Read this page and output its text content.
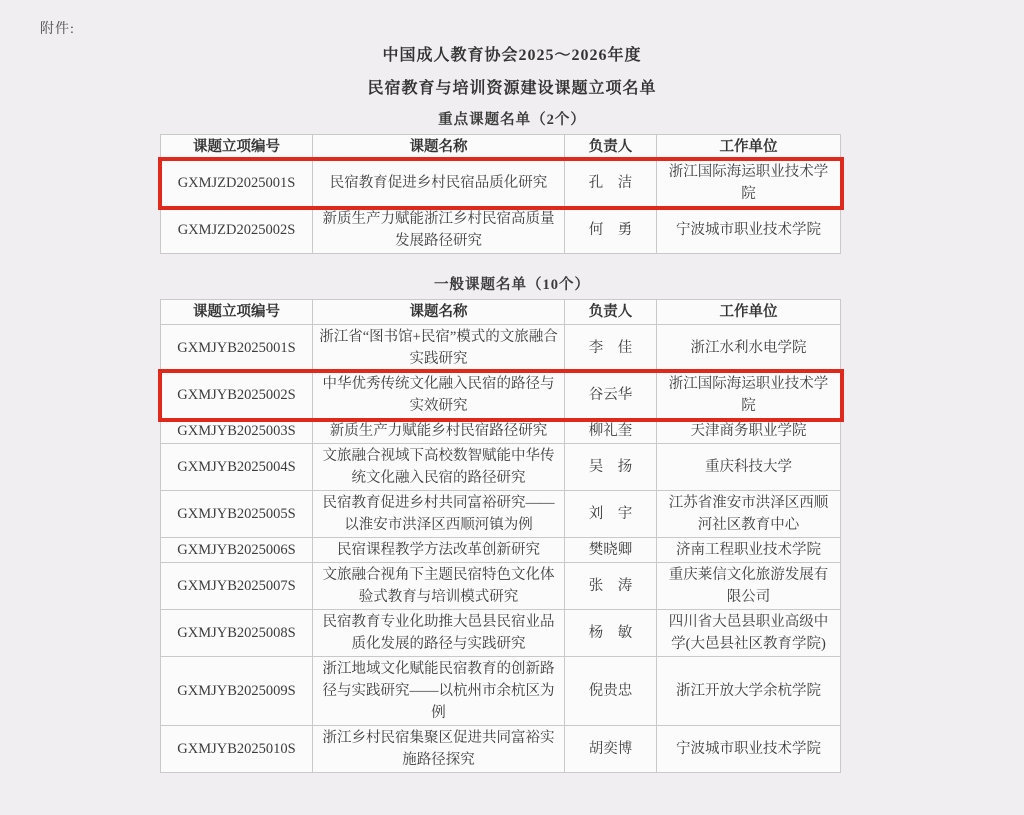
附件:
中国成人教育协会2025～2026年度
民宿教育与培训资源建设课题立项名单
重点课题名单（2个）
课题立项编号	课题名称	负责人	工作单位
GXMJZD2025001S	民宿教育促进乡村民宿品质化研究	孔　洁	浙江国际海运职业技术学院
GXMJZD2025002S	新质生产力赋能浙江乡村民宿高质量发展路径研究	何　勇	宁波城市职业技术学院
一般课题名单（10个）
课题立项编号	课题名称	负责人	工作单位
GXMJYB2025001S	浙江省“图书馆+民宿”模式的文旅融合实践研究	李　佳	浙江水利水电学院
GXMJYB2025002S	中华优秀传统文化融入民宿的路径与实效研究	谷云华	浙江国际海运职业技术学院
GXMJYB2025003S	新质生产力赋能乡村民宿路径研究	柳礼奎	天津商务职业学院
GXMJYB2025004S	文旅融合视域下高校数智赋能中华传统文化融入民宿的路径研究	吴　扬	重庆科技大学
GXMJYB2025005S	民宿教育促进乡村共同富裕研究——以淮安市洪泽区西顺河镇为例	刘　宇	江苏省淮安市洪泽区西顺河社区教育中心
GXMJYB2025006S	民宿课程教学方法改革创新研究	樊晓卿	济南工程职业技术学院
GXMJYB2025007S	文旅融合视角下主题民宿特色文化体验式教育与培训模式研究	张　涛	重庆莱信文化旅游发展有限公司
GXMJYB2025008S	民宿教育专业化助推大邑县民宿业品质化发展的路径与实践研究	杨　敏	四川省大邑县职业高级中学(大邑县社区教育学院)
GXMJYB2025009S	浙江地域文化赋能民宿教育的创新路径与实践研究——以杭州市余杭区为例	倪贵忠	浙江开放大学余杭学院
GXMJYB2025010S	浙江乡村民宿集聚区促进共同富裕实施路径探究	胡奕博	宁波城市职业技术学院
